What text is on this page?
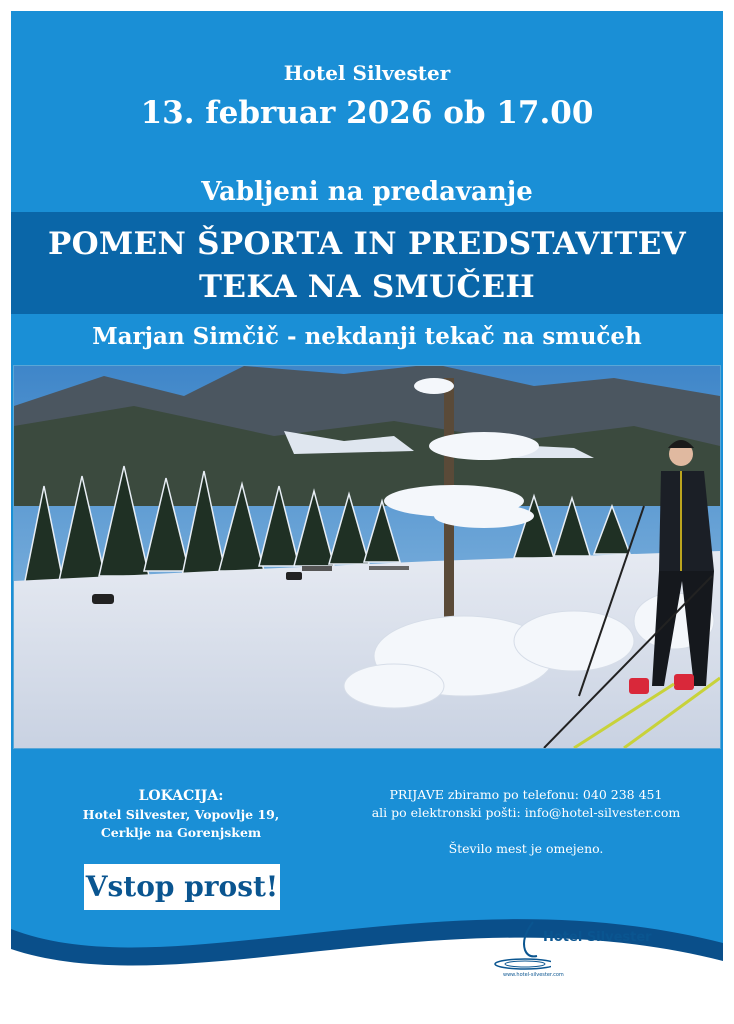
Hotel Silvester
13. februar 2026 ob 17.00
Vabljeni na predavanje
POMEN ŠPORTA IN PREDSTAVITEV
TEKA NA SMUČEH
Marjan Simčič - nekdanji tekač na smučeh
LOKACIJA:
Hotel Silvester, Vopovlje 19,
Cerklje na Gorenjskem
PRIJAVE zbiramo po telefonu: 040 238 451
ali po elektronski pošti: info@hotel-silvester.com
Število mest je omejeno.
Vstop prost!
Hotel Silvester
www.hotel-silvester.com
